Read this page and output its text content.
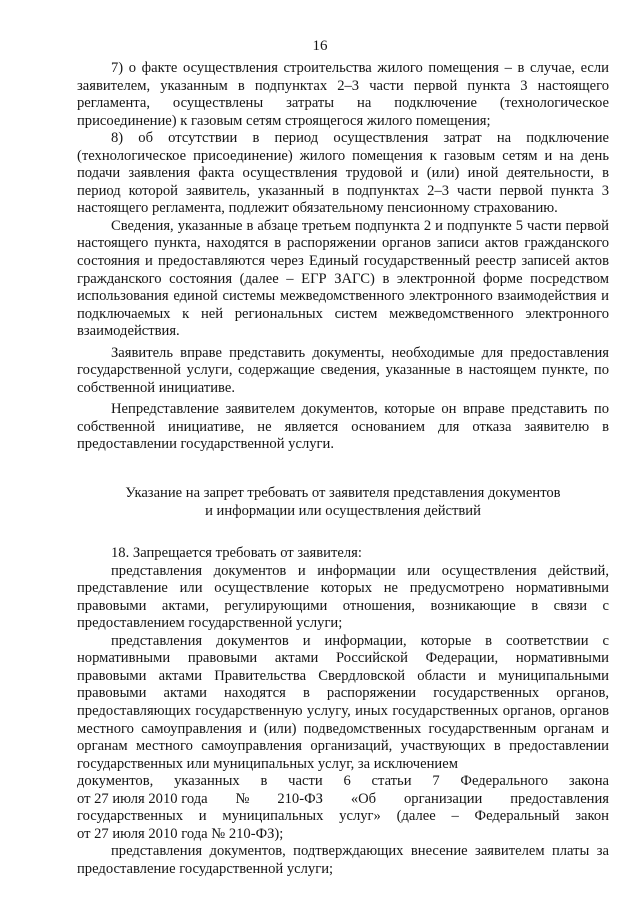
16

7) о факте осуществления строительства жилого помещения – в случае, если заявителем, указанным в подпунктах 2–3 части первой пункта 3 настоящего регламента, осуществлены затраты на подключение (технологическое присоединение) к газовым сетям строящегося жилого помещения;

8) об отсутствии в период осуществления затрат на подключение (технологическое присоединение) жилого помещения к газовым сетям и на день подачи заявления факта осуществления трудовой и (или) иной деятельности, в период которой заявитель, указанный в подпунктах 2–3 части первой пункта 3 настоящего регламента, подлежит обязательному пенсионному страхованию.

Сведения, указанные в абзаце третьем подпункта 2 и подпункте 5 части первой настоящего пункта, находятся в распоряжении органов записи актов гражданского состояния и предоставляются через Единый государственный реестр записей актов гражданского состояния (далее – ЕГР ЗАГС) в электронной форме посредством использования единой системы межведомственного электронного взаимодействия и подключаемых к ней региональных систем межведомственного электронного взаимодействия.

Заявитель вправе представить документы, необходимые для предоставления государственной услуги, содержащие сведения, указанные в настоящем пункте, по собственной инициативе.

Непредставление заявителем документов, которые он вправе представить по собственной инициативе, не является основанием для отказа заявителю в предоставлении государственной услуги.

Указание на запрет требовать от заявителя представления документов
и информации или осуществления действий

18. Запрещается требовать от заявителя:

представления документов и информации или осуществления действий, представление или осуществление которых не предусмотрено нормативными правовыми актами, регулирующими отношения, возникающие в связи с предоставлением государственной услуги;

представления документов и информации, которые в соответствии с нормативными правовыми актами Российской Федерации, нормативными правовыми актами Правительства Свердловской области и муниципальными правовыми актами находятся в распоряжении государственных органов, предоставляющих государственную услугу, иных государственных органов, органов местного самоуправления и (или) подведомственных государственным органам и органам местного самоуправления организаций, участвующих в предоставлении государственных или муниципальных услуг, за исключением

документов, указанных в части 6 статьи 7 Федерального закона
от 27 июля 2010 года № 210-ФЗ «Об организации предоставления
государственных и муниципальных услуг» (далее – Федеральный закон
от 27 июля 2010 года № 210-ФЗ);

представления документов, подтверждающих внесение заявителем платы за предоставление государственной услуги;
